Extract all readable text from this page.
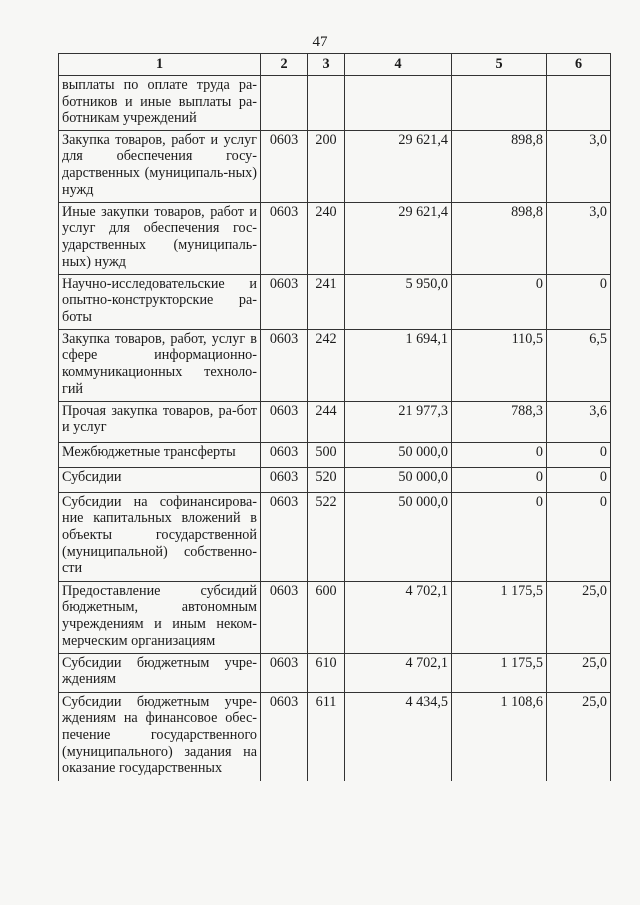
47
1	2	3	4	5	6
выплаты по оплате труда ра-ботников и иные выплаты ра-ботникам учреждений					
Закупка товаров, работ и услуг для обеспечения госу-дарственных (муниципаль-ных) нужд	0603	200	29 621,4	898,8	3,0
Иные закупки товаров, работ и услуг для обеспечения гос-ударственных (муниципаль-ных) нужд	0603	240	29 621,4	898,8	3,0
Научно-исследовательские и опытно-конструкторские ра-боты	0603	241	5 950,0	0	0
Закупка товаров, работ, услуг в сфере информационно-коммуникационных техноло-гий	0603	242	1 694,1	110,5	6,5
Прочая закупка товаров, ра-бот и услуг	0603	244	21 977,3	788,3	3,6
Межбюджетные трансферты	0603	500	50 000,0	0	0
Субсидии	0603	520	50 000,0	0	0
Субсидии на софинансирова-ние капитальных вложений в объекты государственной (муниципальной) собственно-сти	0603	522	50 000,0	0	0
Предоставление субсидий бюджетным, автономным учреждениям и иным неком-мерческим организациям	0603	600	4 702,1	1 175,5	25,0
Субсидии бюджетным учре-ждениям	0603	610	4 702,1	1 175,5	25,0
Субсидии бюджетным учре-ждениям на финансовое обес-печение государственного (муниципального) задания на оказание государственных	0603	611	4 434,5	1 108,6	25,0
